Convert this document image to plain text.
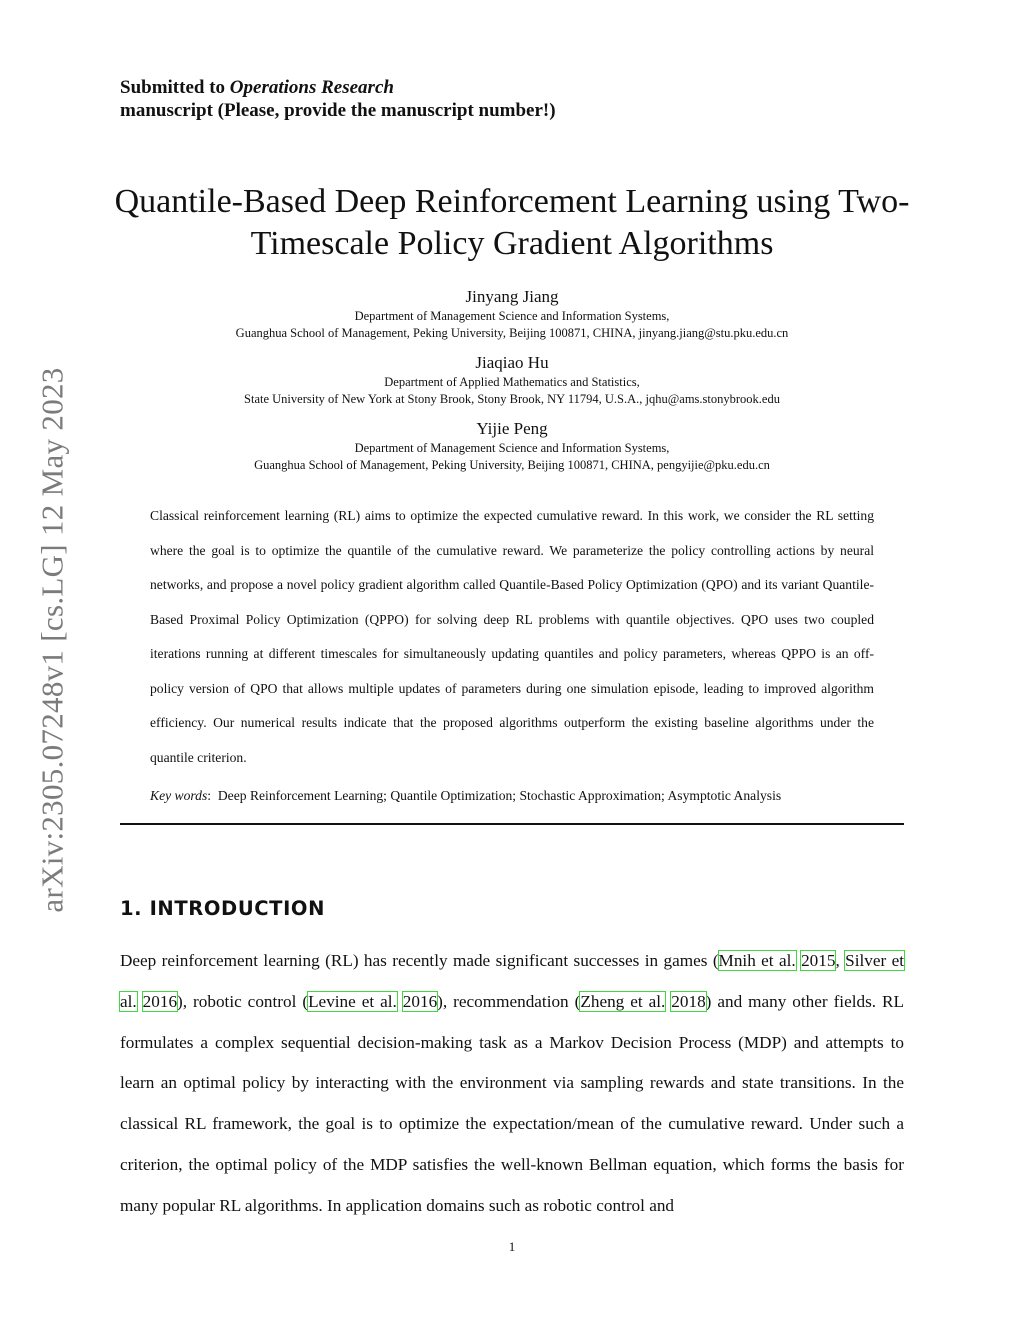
arXiv:2305.07248v1 [cs.LG] 12 May 2023
Submitted to Operations Research
manuscript (Please, provide the manuscript number!)
Quantile-Based Deep Reinforcement Learning using Two-Timescale Policy Gradient Algorithms
Jinyang Jiang
Department of Management Science and Information Systems,
Guanghua School of Management, Peking University, Beijing 100871, CHINA, jinyang.jiang@stu.pku.edu.cn
Jiaqiao Hu
Department of Applied Mathematics and Statistics,
State University of New York at Stony Brook, Stony Brook, NY 11794, U.S.A., jqhu@ams.stonybrook.edu
Yijie Peng
Department of Management Science and Information Systems,
Guanghua School of Management, Peking University, Beijing 100871, CHINA, pengyijie@pku.edu.cn
Classical reinforcement learning (RL) aims to optimize the expected cumulative reward. In this work, we consider the RL setting where the goal is to optimize the quantile of the cumulative reward. We parameterize the policy controlling actions by neural networks, and propose a novel policy gradient algorithm called Quantile-Based Policy Optimization (QPO) and its variant Quantile-Based Proximal Policy Optimization (QPPO) for solving deep RL problems with quantile objectives. QPO uses two coupled iterations running at different timescales for simultaneously updating quantiles and policy parameters, whereas QPPO is an off-policy version of QPO that allows multiple updates of parameters during one simulation episode, leading to improved algorithm efficiency. Our numerical results indicate that the proposed algorithms outperform the existing baseline algorithms under the quantile criterion.
Key words:  Deep Reinforcement Learning; Quantile Optimization; Stochastic Approximation; Asymptotic Analysis
1. INTRODUCTION
Deep reinforcement learning (RL) has recently made significant successes in games (Mnih et al. 2015, Silver et al. 2016), robotic control (Levine et al. 2016), recommendation (Zheng et al. 2018) and many other fields. RL formulates a complex sequential decision-making task as a Markov Decision Process (MDP) and attempts to learn an optimal policy by interacting with the environment via sampling rewards and state transitions. In the classical RL framework, the goal is to optimize the expectation/mean of the cumulative reward. Under such a criterion, the optimal policy of the MDP satisfies the well-known Bellman equation, which forms the basis for many popular RL algorithms. In application domains such as robotic control and
1
